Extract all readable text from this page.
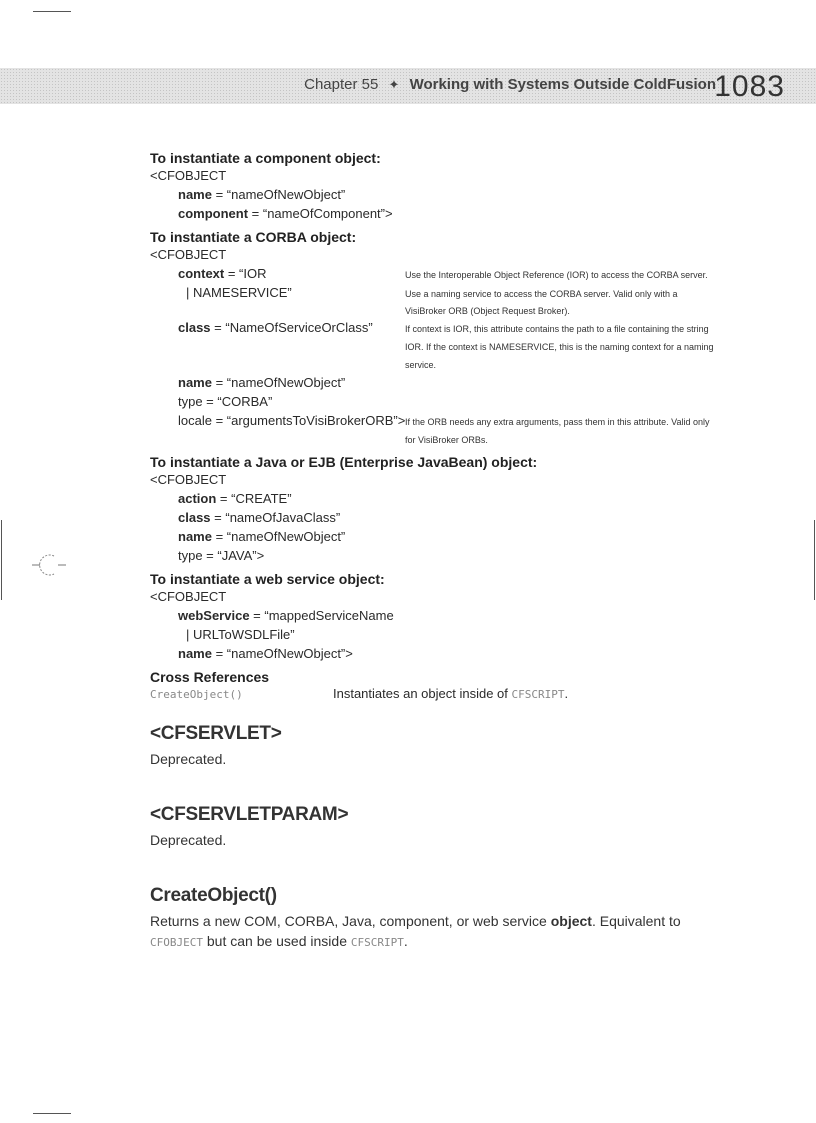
Chapter 55 ✦ Working with Systems Outside ColdFusion
1083
To instantiate a component object:
<CFOBJECT
name = “nameOfNewObject”
component = “nameOfComponent”>
To instantiate a CORBA object:
<CFOBJECT
context = “IOR	Use the Interoperable Object Reference (IOR) to access the CORBA server.
| NAMESERVICE”	Use a naming service to access the CORBA server. Valid only with a
VisiBroker ORB (Object Request Broker).
class = “NameOfServiceOrClass”	If context is IOR, this attribute contains the path to a file containing the string
IOR. If the context is NAMESERVICE, this is the naming context for a naming
service.
name = “nameOfNewObject”
type = “CORBA”
locale = “argumentsToVisiBrokerORB”> If the ORB needs any extra arguments, pass them in this attribute. Valid only
for VisiBroker ORBs.
To instantiate a Java or EJB (Enterprise JavaBean) object:
<CFOBJECT
action = “CREATE”
class = “nameOfJavaClass”
name = “nameOfNewObject”
type = “JAVA”>
To instantiate a web service object:
<CFOBJECT
webService = “mappedServiceName
| URLToWSDLFile”
name = “nameOfNewObject”>
Cross References
CreateObject()	Instantiates an object inside of CFSCRIPT.
<CFSERVLET>
Deprecated.
<CFSERVLETPARAM>
Deprecated.
CreateObject()
Returns a new COM, CORBA, Java, component, or web service object. Equivalent to
CFOBJECT but can be used inside CFSCRIPT.
